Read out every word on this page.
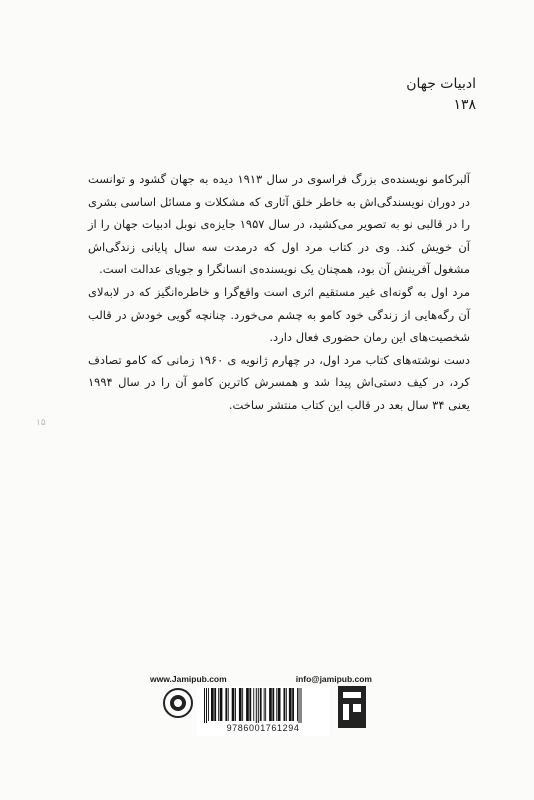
ادبیات جهان
۱۳۸

آلبرکامو نویسنده‌ی بزرگ فراسوی در سال ۱۹۱۳ دیده به جهان گشود و توانست در دوران نویسندگی‌اش به خاطر خلق آثاری که مشکلات و مسائل اساسی بشری را در قالبی نو به تصویر می‌کشید، در سال ۱۹۵۷ جایزه‌ی نوبل ادبیات جهان را از آن خویش کند. وی در کتاب مرد اول که درمدت سه سال پایانی زندگی‌اش مشغول آفرینش آن بود، همچنان یک نویسنده‌ی انسانگرا و جویای عدالت است.

مرد اول به گونه‌ای غیر مستقیم اثری است واقع‌گرا و خاطره‌انگیز که در لابه‌لای آن رگه‌هایی از زندگی خود کامو به چشم می‌خورد. چنانچه گویی خودش در قالب شخصیت‌های این رمان حضوری فعال دارد.

دست نوشته‌های کتاب مرد اول، در چهارم ژانویه ی ۱۹۶۰ زمانی که کامو تصادف کرد، در کیف دستی‌اش پیدا شد و همسرش کاترین کامو آن را در سال ۱۹۹۴ یعنی ۳۴ سال بعد در قالب این کتاب منتشر ساخت.

۱۵
www.Jamipub.com	info@jamipub.com
9786001761294
